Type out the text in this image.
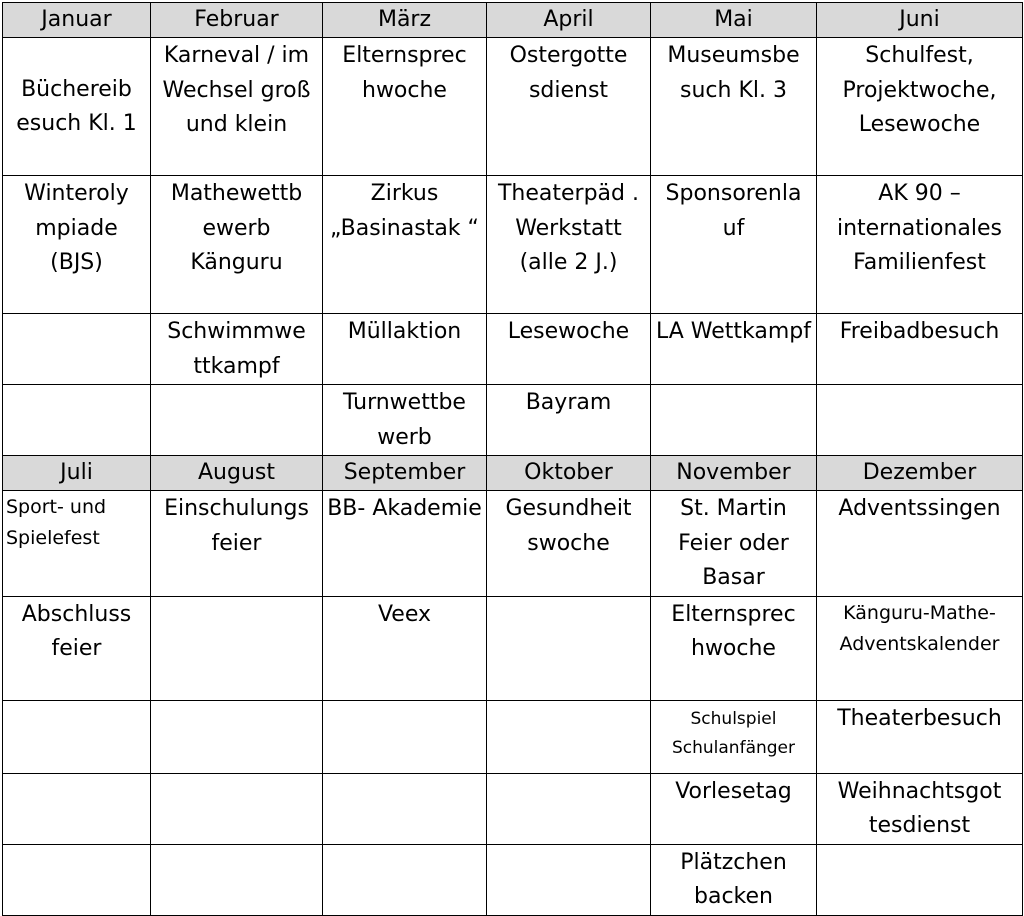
Januar	Februar	März	April	Mai	Juni

Büchereib esuch Kl. 1	Karneval / im Wechsel groß und klein	Elternsprec hwoche	Ostergotte sdienst	Museumsbe such Kl. 3	Schulfest, Projektwoche, Lesewoche

Winteroly mpiade (BJS)	Mathewettb ewerb Känguru	Zirkus „Basinastak “	Theaterpäd . Werkstatt (alle 2 J.)	Sponsorenla uf	AK 90 – internationales Familienfest

	Schwimmwe ttkampf	Müllaktion	Lesewoche	LA Wettkampf	Freibadbesuch

		Turnwettbe werb	Bayram		

Juli	August	September	Oktober	November	Dezember

Sport- und Spielefest	Einschulungs feier	BB- Akademie	Gesundheit swoche	St. Martin Feier oder Basar	Adventssingen

Abschluss feier		Veex		Elternsprec hwoche	Känguru-Mathe- Adventskalender

				Schulspiel Schulanfänger	Theaterbesuch

				Vorlesetag	Weihnachtsgot tesdienst

				Plätzchen backen	
